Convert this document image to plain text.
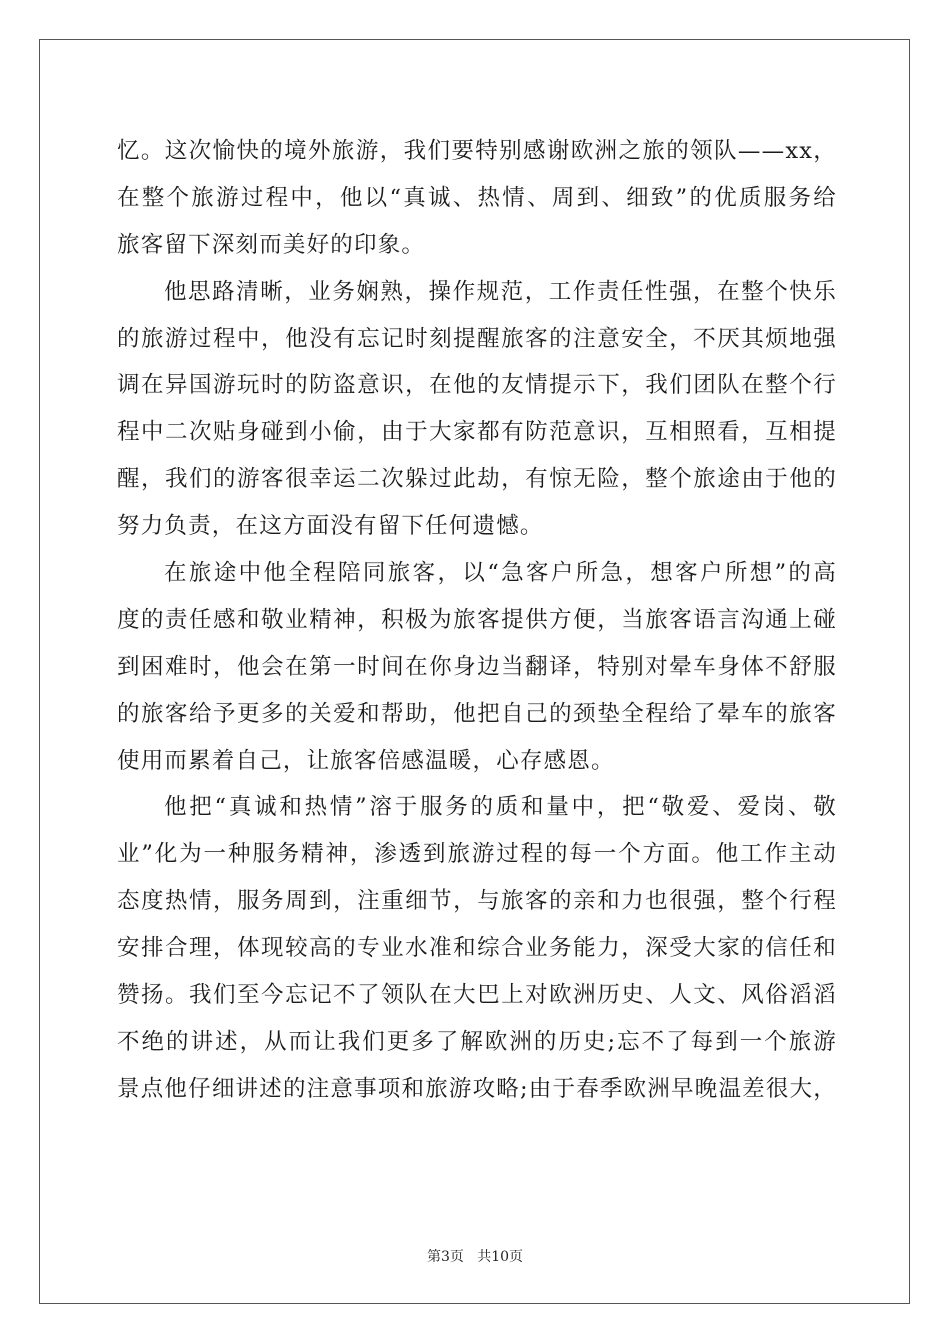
忆。这次愉快的境外旅游，我们要特别感谢欧洲之旅的领队——xx，
在整个旅游过程中，他以“真诚、热情、周到、细致”的优质服务给
旅客留下深刻而美好的印象。
他思路清晰，业务娴熟，操作规范，工作责任性强，在整个快乐
的旅游过程中，他没有忘记时刻提醒旅客的注意安全，不厌其烦地强
调在异国游玩时的防盗意识，在他的友情提示下，我们团队在整个行
程中二次贴身碰到小偷，由于大家都有防范意识，互相照看，互相提
醒，我们的游客很幸运二次躲过此劫，有惊无险，整个旅途由于他的
努力负责，在这方面没有留下任何遗憾。
在旅途中他全程陪同旅客，以“急客户所急，想客户所想”的高
度的责任感和敬业精神，积极为旅客提供方便，当旅客语言沟通上碰
到困难时，他会在第一时间在你身边当翻译，特别对晕车身体不舒服
的旅客给予更多的关爱和帮助，他把自己的颈垫全程给了晕车的旅客
使用而累着自己，让旅客倍感温暖，心存感恩。
他把“真诚和热情”溶于服务的质和量中，把“敬爱、爱岗、敬
业”化为一种服务精神，渗透到旅游过程的每一个方面。他工作主动
态度热情，服务周到，注重细节，与旅客的亲和力也很强，整个行程
安排合理，体现较高的专业水准和综合业务能力，深受大家的信任和
赞扬。我们至今忘记不了领队在大巴上对欧洲历史、人文、风俗滔滔
不绝的讲述，从而让我们更多了解欧洲的历史;忘不了每到一个旅游
景点他仔细讲述的注意事项和旅游攻略;由于春季欧洲早晚温差很大，
第3页   共10页
